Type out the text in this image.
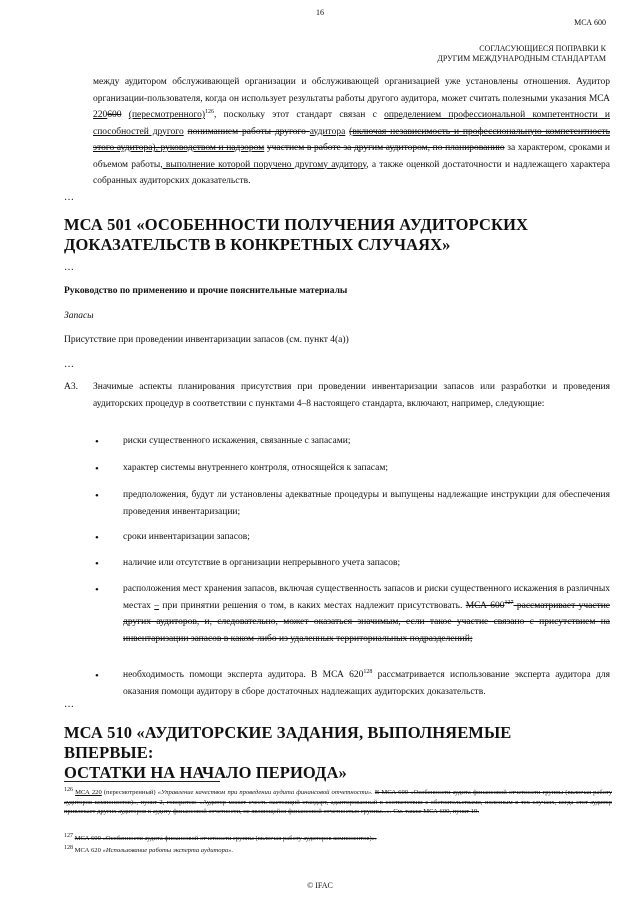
16
МСА 600
СОГЛАСУЮЩИЕСЯ ПОПРАВКИ К
ДРУГИМ МЕЖДУНАРОДНЫМ СТАНДАРТАМ
между аудитором обслуживающей организации и обслуживающей организацией уже установлены отношения. Аудитор организации-пользователя, когда он использует результаты работы другого аудитора, может считать полезными указания МСА 220600 (пересмотренного)$^{126}$, поскольку этот стандарт связан с определением профессиональной компетентности и способностей другого пониманием работы другого аудитора (включая независимость и профессиональную компетентность этого аудитора), руководством и надзором участием в работе за другим аудитором, по планированию за характером, сроками и объемом работы, выполнение которой поручено другому аудитору, а также оценкой достаточности и надлежащего характера собранных аудиторских доказательств.
…
МСА 501 «ОСОБЕННОСТИ ПОЛУЧЕНИЯ АУДИТОРСКИХ
ДОКАЗАТЕЛЬСТВ В КОНКРЕТНЫХ СЛУЧАЯХ»
…
Руководство по применению и прочие пояснительные материалы
Запасы
Присутствие при проведении инвентаризации запасов (см. пункт 4(a))
…
A3. Значимые аспекты планирования присутствия при проведении инвентаризации запасов или разработки и проведения аудиторских процедур в соответствии с пунктами 4–8 настоящего стандарта, включают, например, следующие:
•	риски существенного искажения, связанные с запасами;
•	характер системы внутреннего контроля, относящейся к запасам;
•	предположения, будут ли установлены адекватные процедуры и выпущены надлежащие инструкции для обеспечения проведения инвентаризации;
•	сроки инвентаризации запасов;
•	наличие или отсутствие в организации непрерывного учета запасов;
•	расположения мест хранения запасов, включая существенность запасов и риски существенного искажения в различных местах – при принятии решения о том, в каких местах надлежит присутствовать. МСА $600^{127}$ рассматривает участие других аудиторов, и, следовательно, может оказаться значимым, если такое участие связано с присутствием на инвентаризации запасов в каком-либо из удаленных территориальных подразделений;
•	необходимость помощи эксперта аудитора. В МСА $620^{128}$ рассматривается использование эксперта аудитора для оказания помощи аудитору в сборе достаточных надлежащих аудиторских доказательств.
…
МСА 510 «АУДИТОРСКИЕ ЗАДАНИЯ, ВЫПОЛНЯЕМЫЕ ВПЕРВЫЕ:
ОСТАТКИ НА НАЧАЛО ПЕРИОДА»
$^{126}$ МСА 220 (пересмотренный) «Управление качеством при проведении аудита финансовой отчетности». В МСА 600 «Особенности аудита финансовой отчетности группы (включая работу аудиторов компонентов)», пункт 2, говорится: «Аудитор может счесть настоящий стандарт, адаптированный в соответствии с обстоятельствами, полезным в тех случаях, когда этот аудитор привлекает других аудиторов к аудиту финансовой отчетности, не являющейся финансовой отчетностью группы...». См. также МСА 600, пункт 19.
$^{127}$ МСА 600 «Особенности аудита финансовой отчетности группы (включая работу аудиторов компонентов)».
$^{128}$ МСА 620 «Использование работы эксперта аудитора».
© IFAC
